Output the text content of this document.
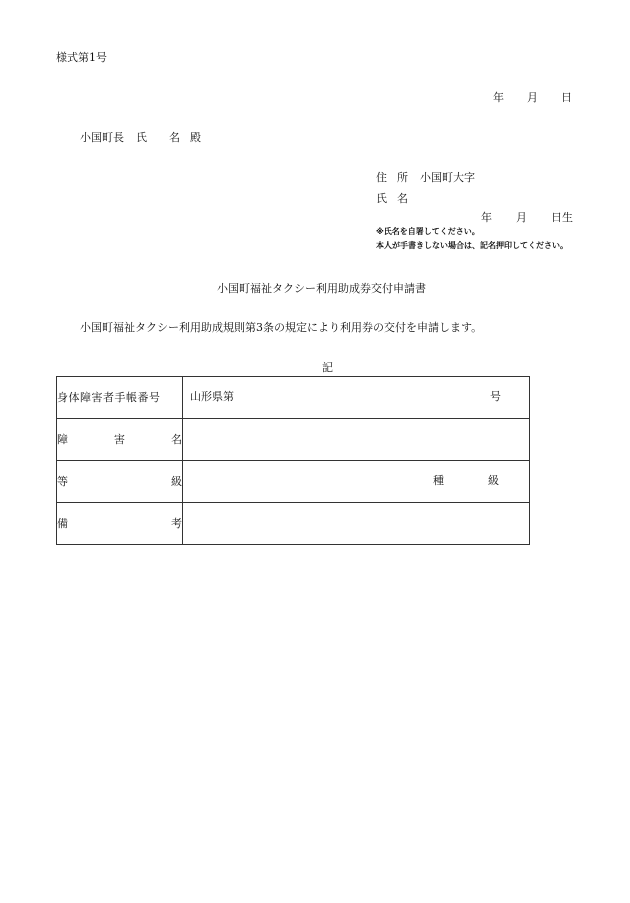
様式第1号
年 月 日
小国町長 氏 名 殿
住 所 小国町大字
氏 名
年 月 日生
※氏名を自署してください。
本人が手書きしない場合は、記名押印してください。
小国町福祉タクシー利用助成券交付申請書
小国町福祉タクシー利用助成規則第3条の規定により利用券の交付を申請します。
記
身体障害者手帳番号	山形県第 号

障 害 名	

等 級	種 級

備 考	
